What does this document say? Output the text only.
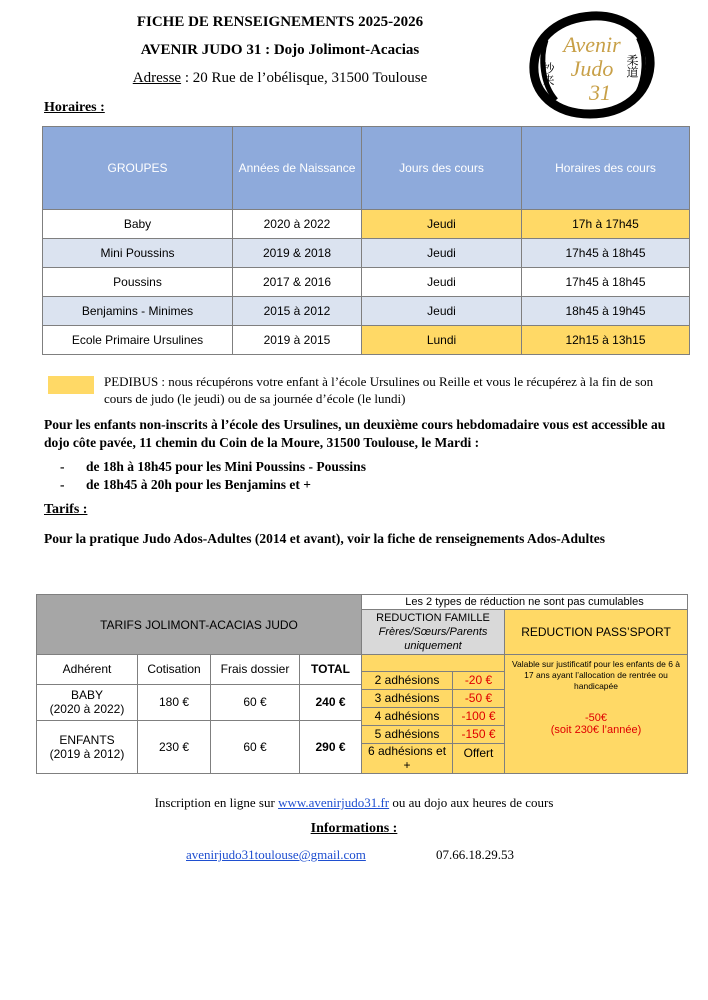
FICHE DE RENSEIGNEMENTS 2025-2026
AVENIR JUDO 31 : Dojo Jolimont-Acacias
Adresse : 20 Rue de l’obélisque, 31500 Toulouse
Avenir
Judo
31
抄来	柔道
Horaires :
GROUPES	Années de Naissance	Jours des cours	Horaires des cours
Baby	2020 à 2022	Jeudi	17h à 17h45
Mini Poussins	2019 & 2018	Jeudi	17h45 à 18h45
Poussins	2017 & 2016	Jeudi	17h45 à 18h45
Benjamins - Minimes	2015 à 2012	Jeudi	18h45 à 19h45
Ecole Primaire Ursulines	2019 à 2015	Lundi	12h15 à 13h15
PEDIBUS : nous récupérons votre enfant à l’école Ursulines ou Reille et vous le récupérez à la fin de son cours de judo (le jeudi) ou de sa journée d’école (le lundi)
Pour les enfants non-inscrits à l’école des Ursulines, un deuxième cours hebdomadaire vous est accessible au dojo côte pavée, 11 chemin du Coin de la Moure, 31500 Toulouse, le Mardi :
- de 18h à 18h45 pour les Mini Poussins - Poussins
- de 18h45 à 20h pour les Benjamins et +
Tarifs :
Pour la pratique Judo Ados-Adultes (2014 et avant), voir la fiche de renseignements Ados-Adultes
TARIFS JOLIMONT-ACACIAS JUDO	Les 2 types de réduction ne sont pas cumulables

REDUCTION FAMILLE
Frères/Sœurs/Parents uniquement
	REDUCTION PASS’SPORT

Adhérent	Cotisation	Frais dossier	TOTAL	

2 adhésions	-20 €
3 adhésions	-50 €
4 adhésions	-100 €
5 adhésions	-150 €
6 adhésions et +	Offert

Valable sur justificatif pour les enfants de 6 à 17 ans ayant l’allocation de rentrée ou handicapée
-50€
(soit 230€ l’année)

BABY
(2020 à 2022)	180 €	60 €	240 €

ENFANTS
(2019 à 2012)	230 €	60 €	290 €
Inscription en ligne sur www.avenirjudo31.fr ou au dojo aux heures de cours
Informations :
avenirjudo31toulouse@gmail.com	07.66.18.29.53
